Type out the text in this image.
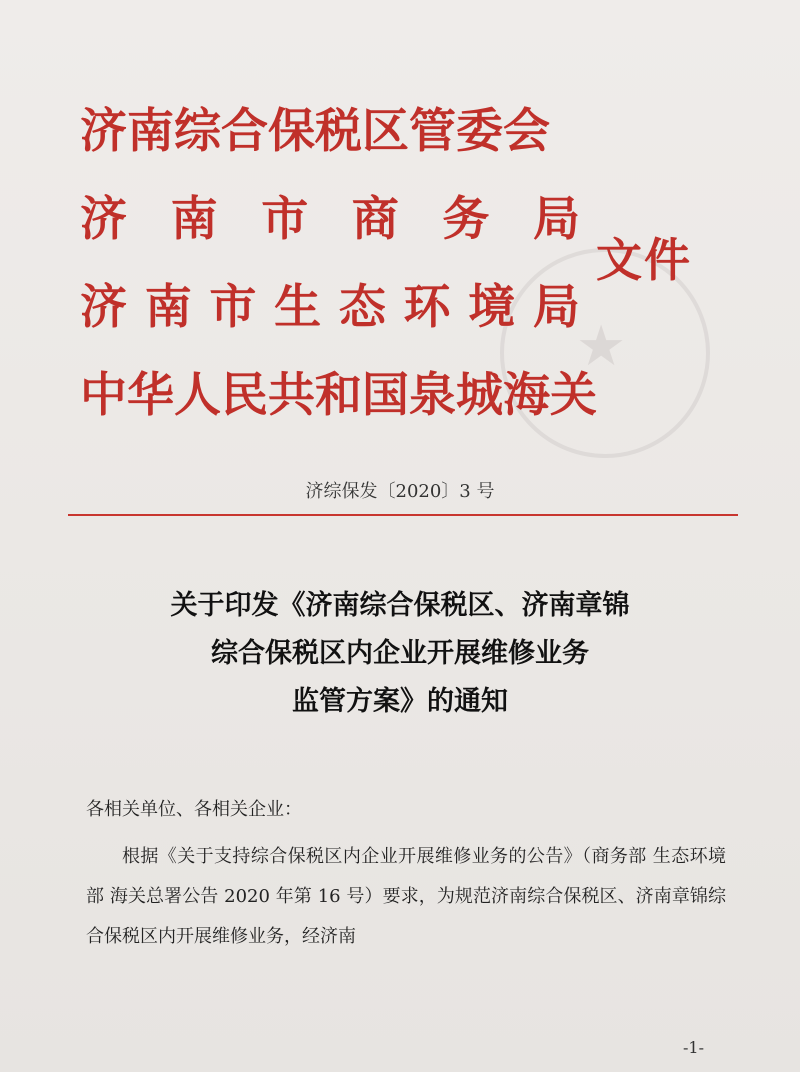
★
济南综合保税区管委会
济 南 市 商 务 局
济 南 市 生 态 环 境 局
中华人民共和国泉城海关
文件
济综保发〔2020〕3 号
关于印发《济南综合保税区、济南章锦
综合保税区内企业开展维修业务
监管方案》的通知
各相关单位、各相关企业：

根据《关于支持综合保税区内企业开展维修业务的公告》（商务部 生态环境部 海关总署公告 2020 年第 16 号）要求，为规范济南综合保税区、济南章锦综合保税区内开展维修业务，经济南

-1-
